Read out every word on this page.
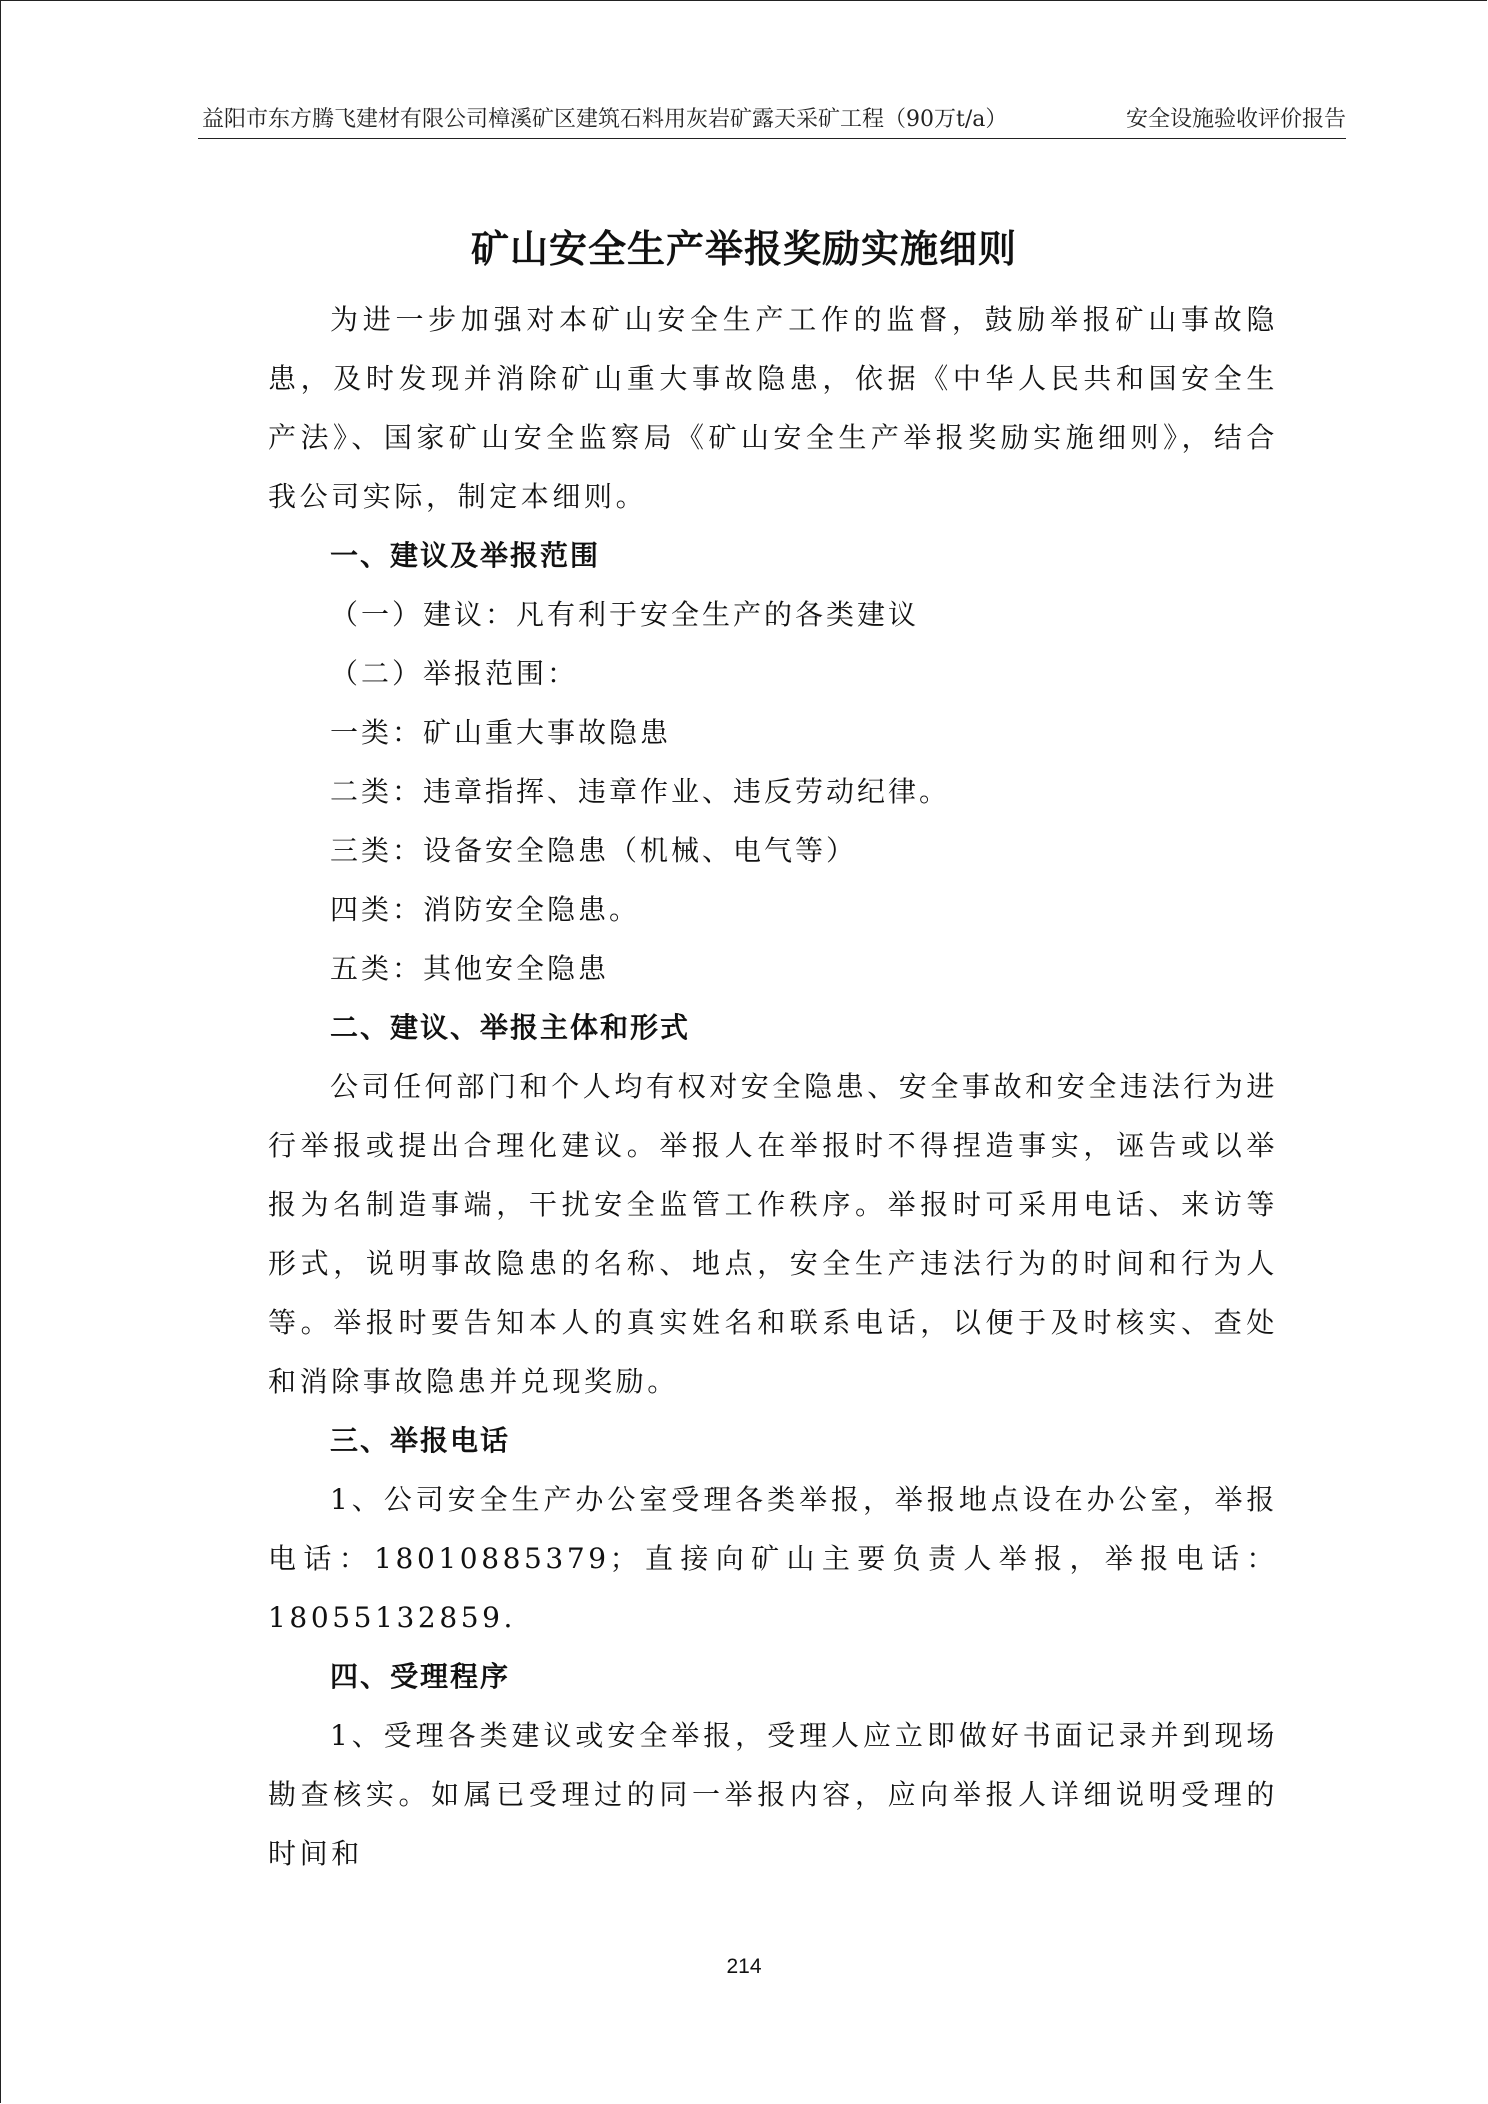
益阳市东方腾飞建材有限公司樟溪矿区建筑石料用灰岩矿露天采矿工程（90万t/a）	安全设施验收评价报告
矿山安全生产举报奖励实施细则

为进一步加强对本矿山安全生产工作的监督，鼓励举报矿山事故隐患，及时发现并消除矿山重大事故隐患，依据《中华人民共和国安全生产法》、国家矿山安全监察局《矿山安全生产举报奖励实施细则》，结合我公司实际，制定本细则。

一、建议及举报范围

（一）建议：凡有利于安全生产的各类建议

（二）举报范围：

一类：矿山重大事故隐患

二类：违章指挥、违章作业、违反劳动纪律。

三类：设备安全隐患（机械、电气等）

四类：消防安全隐患。

五类：其他安全隐患

二、建议、举报主体和形式

公司任何部门和个人均有权对安全隐患、安全事故和安全违法行为进行举报或提出合理化建议。举报人在举报时不得捏造事实，诬告或以举报为名制造事端，干扰安全监管工作秩序。举报时可采用电话、来访等形式，说明事故隐患的名称、地点，安全生产违法行为的时间和行为人等。举报时要告知本人的真实姓名和联系电话，以便于及时核实、查处和消除事故隐患并兑现奖励。

三、举报电话

1、公司安全生产办公室受理各类举报，举报地点设在办公室，举报电话：18010885379；直接向矿山主要负责人举报，举报电话：18055132859.

四、受理程序

1、受理各类建议或安全举报，受理人应立即做好书面记录并到现场勘查核实。如属已受理过的同一举报内容，应向举报人详细说明受理的时间和

214
